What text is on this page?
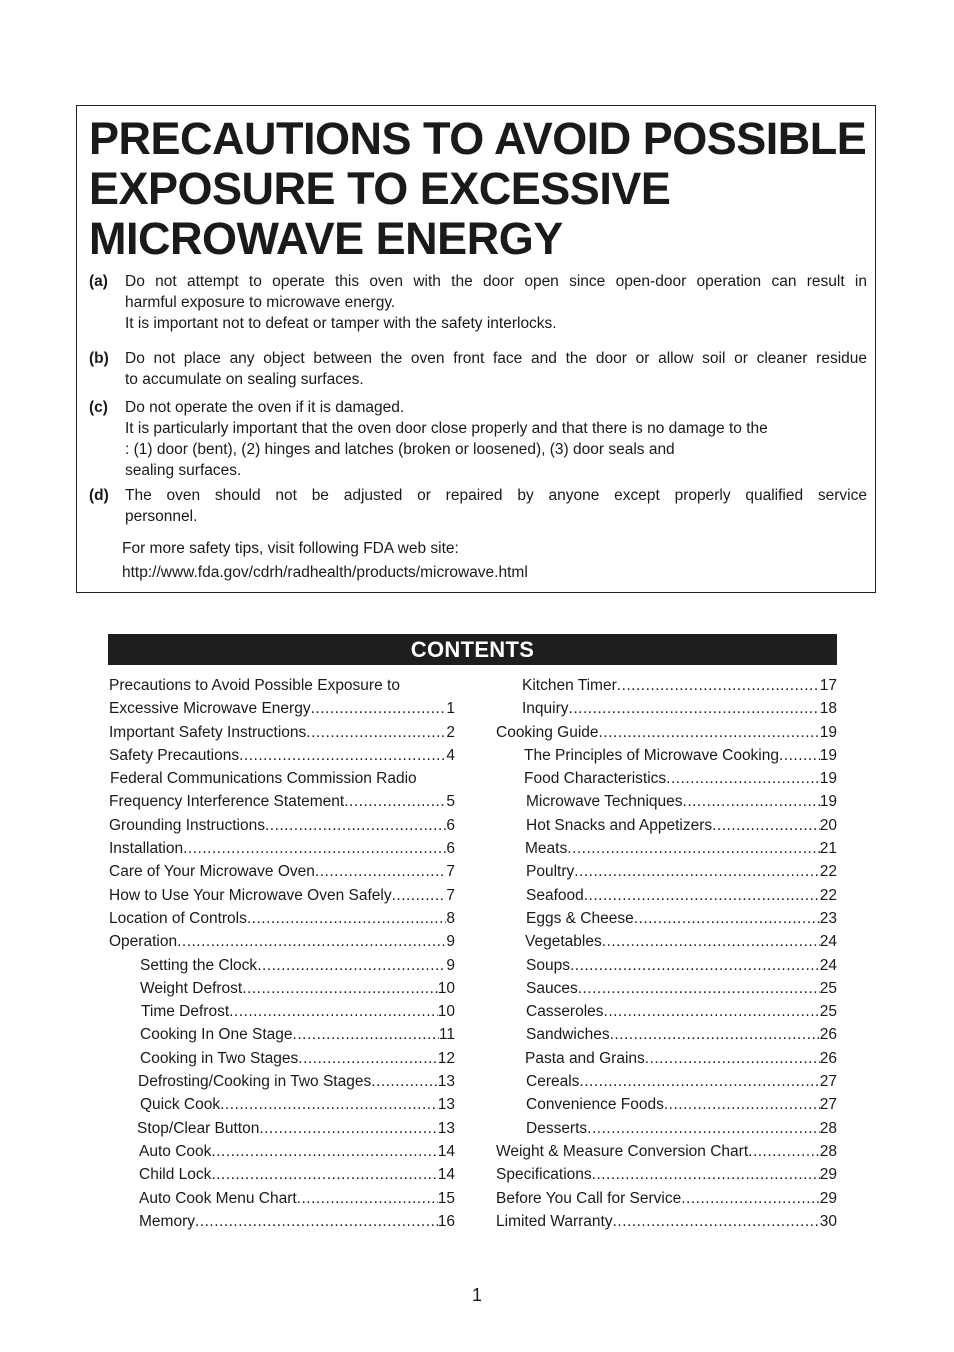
PRECAUTIONS TO AVOID POSSIBLE
EXPOSURE TO EXCESSIVE
MICROWAVE ENERGY
(a) Do not attempt to operate this oven with the door open since open-door operation can result in
harmful exposure to microwave energy.
It is important not to defeat or tamper with the safety interlocks.
(b) Do not place any object between the oven front face and the door or allow soil or cleaner residue
to accumulate on sealing surfaces.
(c) Do not operate the oven if it is damaged.
It is particularly important that the oven door close properly and that there is no damage to the
: (1) door (bent), (2) hinges and latches (broken or loosened), (3) door seals and
sealing surfaces.
(d) The oven should not be adjusted or repaired by anyone except properly qualified service
personnel.
For more safety tips, visit following FDA web site:
http://www.fda.gov/cdrh/radhealth/products/microwave.html
CONTENTS
Precautions to Avoid Possible Exposure to
Excessive Microwave Energy .....	1
Important Safety Instructions .....	2
Safety Precautions .....	4
Federal Communications Commission Radio
Frequency Interference Statement .....	5
Grounding Instructions .....	6
Installation .....	6
Care of Your Microwave Oven .....	7
How to Use Your Microwave Oven Safely .....	7
Location of Controls .....	8
Operation .....	9
Setting the Clock .....	9
Weight Defrost .....	10
Time Defrost .....	10
Cooking In One Stage .....	11
Cooking in Two Stages .....	12
Defrosting/Cooking in Two Stages .....	13
Quick Cook .....	13
Stop/Clear Button .....	13
Auto Cook .....	14
Child Lock .....	14
Auto Cook Menu Chart .....	15
Memory .....	16
Kitchen Timer .....	17
Inquiry .....	18
Cooking Guide .....	19
The Principles of Microwave Cooking .....	19
Food Characteristics .....	19
Microwave Techniques .....	19
Hot Snacks and Appetizers .....	20
Meats .....	21
Poultry .....	22
Seafood .....	22
Eggs & Cheese .....	23
Vegetables .....	24
Soups .....	24
Sauces .....	25
Casseroles .....	25
Sandwiches .....	26
Pasta and Grains .....	26
Cereals .....	27
Convenience Foods .....	27
Desserts .....	28
Weight & Measure Conversion Chart .....	28
Specifications .....	29
Before You Call for Service .....	29
Limited Warranty .....	30
1
